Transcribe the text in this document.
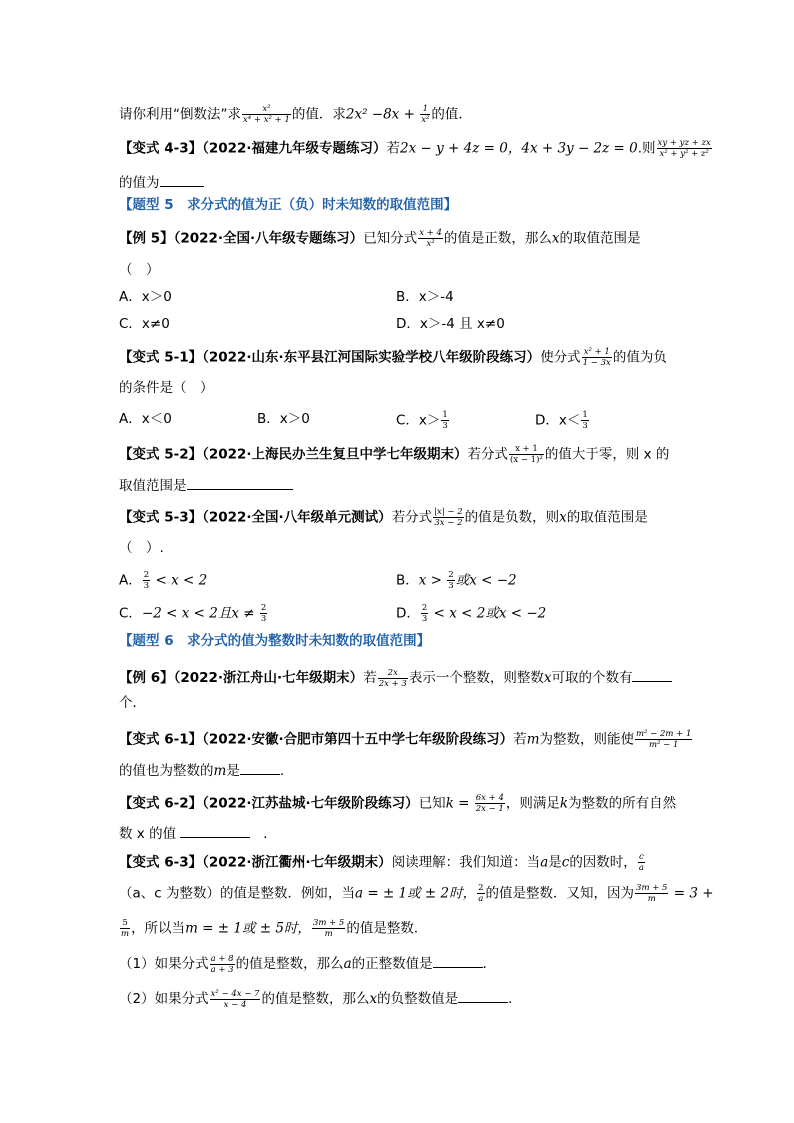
请你利用“倒数法”求 $\frac{\text{x²}}{\text{x⁴ + x² + 1}}$ 的值．求$2x^2 -8x + \frac{1}{\text{x²}}$ 的值．
【变式 4-3】（2022·福建九年级专题练习）若2x − y + 4z = 0，4x + 3y − 2z = 0.则 $\frac{xy + yz + zx}{\text{x² + y² + z²}}$
的值为
【题型 5　求分式的值为正（负）时未知数的取值范围】
【例 5】（2022·全国·八年级专题练习）已知分式 $\frac{x + 4}{\text{x²}}$ 的值是正数，那么x的取值范围是
（　）
A．x＞0	B．x＞-4
C．x≠0	D．x＞-4 且 x≠0
【变式 5-1】（2022·山东·东平县江河国际实验学校八年级阶段练习）使分式 $\frac{\text{x² + 1}}{1 - 3x}$ 的值为负
的条件是（　）
A．x＜0	B．x＞0	C．$x> \frac{1}{3}$	D．$x< \frac{1}{3}$
【变式 5-2】（2022·上海民办兰生复旦中学七年级期末）若分式 $\frac{x + 1}{\text{(x − 1)²}}$ 的值大于零，则 x 的
取值范围是
【变式 5-3】（2022·全国·八年级单元测试）若分式 $\frac{|x| - 2}{3x - 2}$ 的值是负数，则x的取值范围是
（　）.
A． $\frac{2}{3} < x < 2$	B．$x > \frac{2}{3}$ 或x < −2
C．−2 < x < 2且$x \ne \frac{2}{3}$	D． $\frac{2}{3} < x < 2$或x < −2
【题型 6　求分式的值为整数时未知数的取值范围】
【例 6】（2022·浙江舟山·七年级期末）若 $\frac{2x}{2x + 3}$ 表示一个整数，则整数x可取的个数有
个．
【变式 6-1】（2022·安徽·合肥市第四十五中学七年级阶段练习）若m为整数，则能使 $\frac{\text{m² − 2m + 1}}{\text{m² − 1}}$
的值也为整数的m是	.
【变式 6-2】（2022·江苏盐城·七年级阶段练习）已知$k = \frac{6x + 4}{2x - 1}$ ，则满足k为整数的所有自然
数 x 的值	．
【变式 6-3】（2022·浙江衢州·七年级期末）阅读理解：我们知道：当a是c的因数时， $\frac{c}{a}$
（a、c 为整数）的值是整数．例如，当a = ± 1或 ± 2时， $\frac{2}{a}$ 的值是整数．又知，因为 $\frac{3m + 5}{m} = 3$ +
$\frac{5}{m}$ ，所以当m = ± 1或 ± 5时， $\frac{3m + 5}{m}$ 的值是整数．
（1）如果分式 $\frac{a + 8}{a + 3}$ 的值是整数，那么a的正整数值是	．
（2）如果分式 $\frac{\text{x² − 4x − 7}}{x - 4}$ 的值是整数，那么x的负整数值是	．
